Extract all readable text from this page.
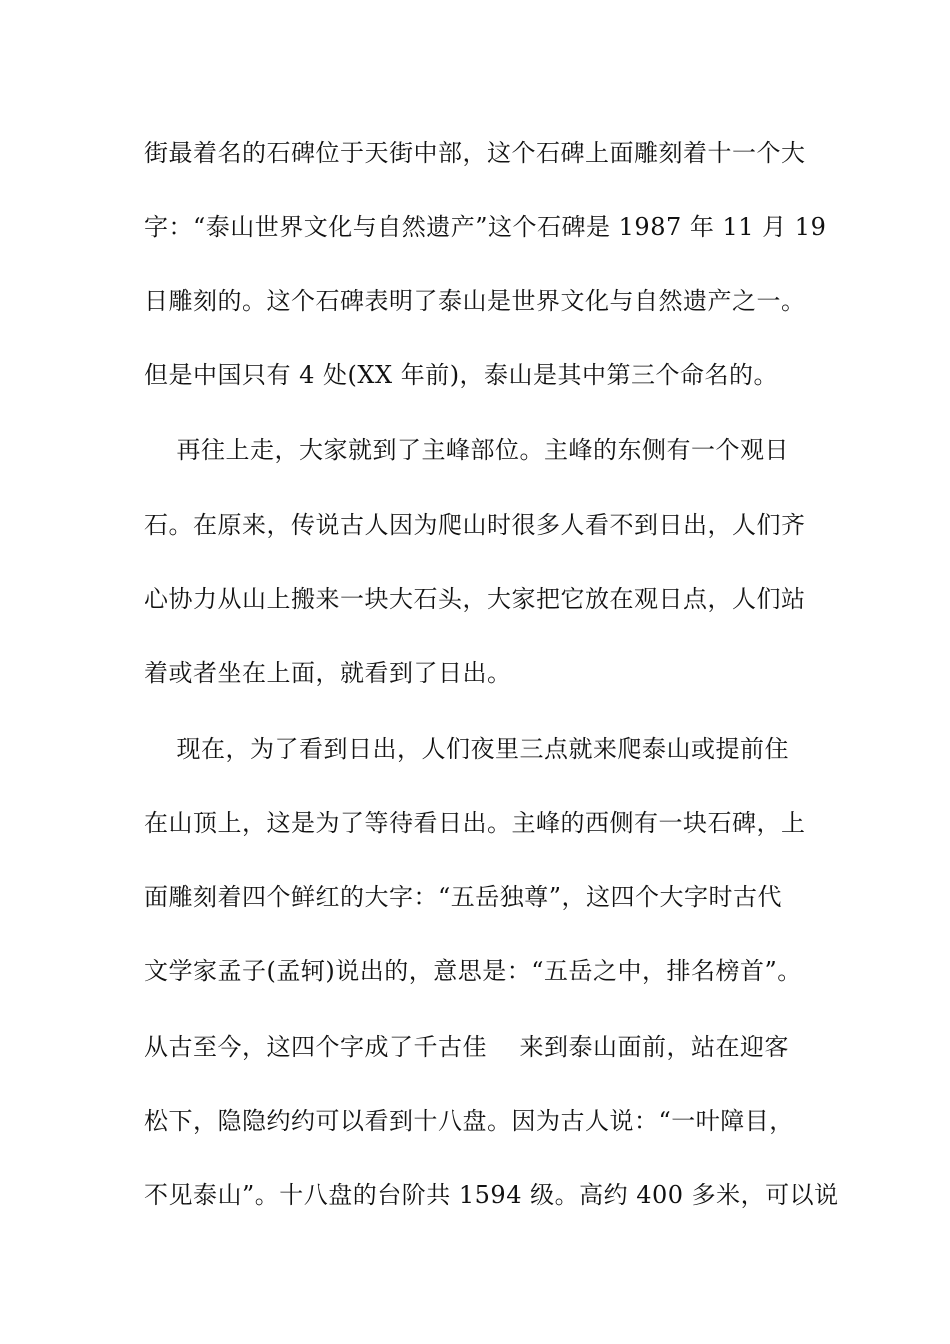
街最着名的石碑位于天街中部，这个石碑上面雕刻着十一个大
字：“泰山世界文化与自然遗产”这个石碑是 1987 年 11 月 19
日雕刻的。这个石碑表明了泰山是世界文化与自然遗产之一。
但是中国只有 4 处(XX 年前)，泰山是其中第三个命名的。
再往上走，大家就到了主峰部位。主峰的东侧有一个观日
石。在原来，传说古人因为爬山时很多人看不到日出，人们齐
心协力从山上搬来一块大石头，大家把它放在观日点，人们站
着或者坐在上面，就看到了日出。
现在，为了看到日出，人们夜里三点就来爬泰山或提前住
在山顶上，这是为了等待看日出。主峰的西侧有一块石碑，上
面雕刻着四个鲜红的大字：“五岳独尊”，这四个大字时古代
文学家孟子(孟轲)说出的，意思是：“五岳之中，排名榜首”。
从古至今，这四个字成了千古佳    来到泰山面前，站在迎客
松下，隐隐约约可以看到十八盘。因为古人说：“一叶障目，
不见泰山”。十八盘的台阶共 1594 级。高约 400 多米，可以说
